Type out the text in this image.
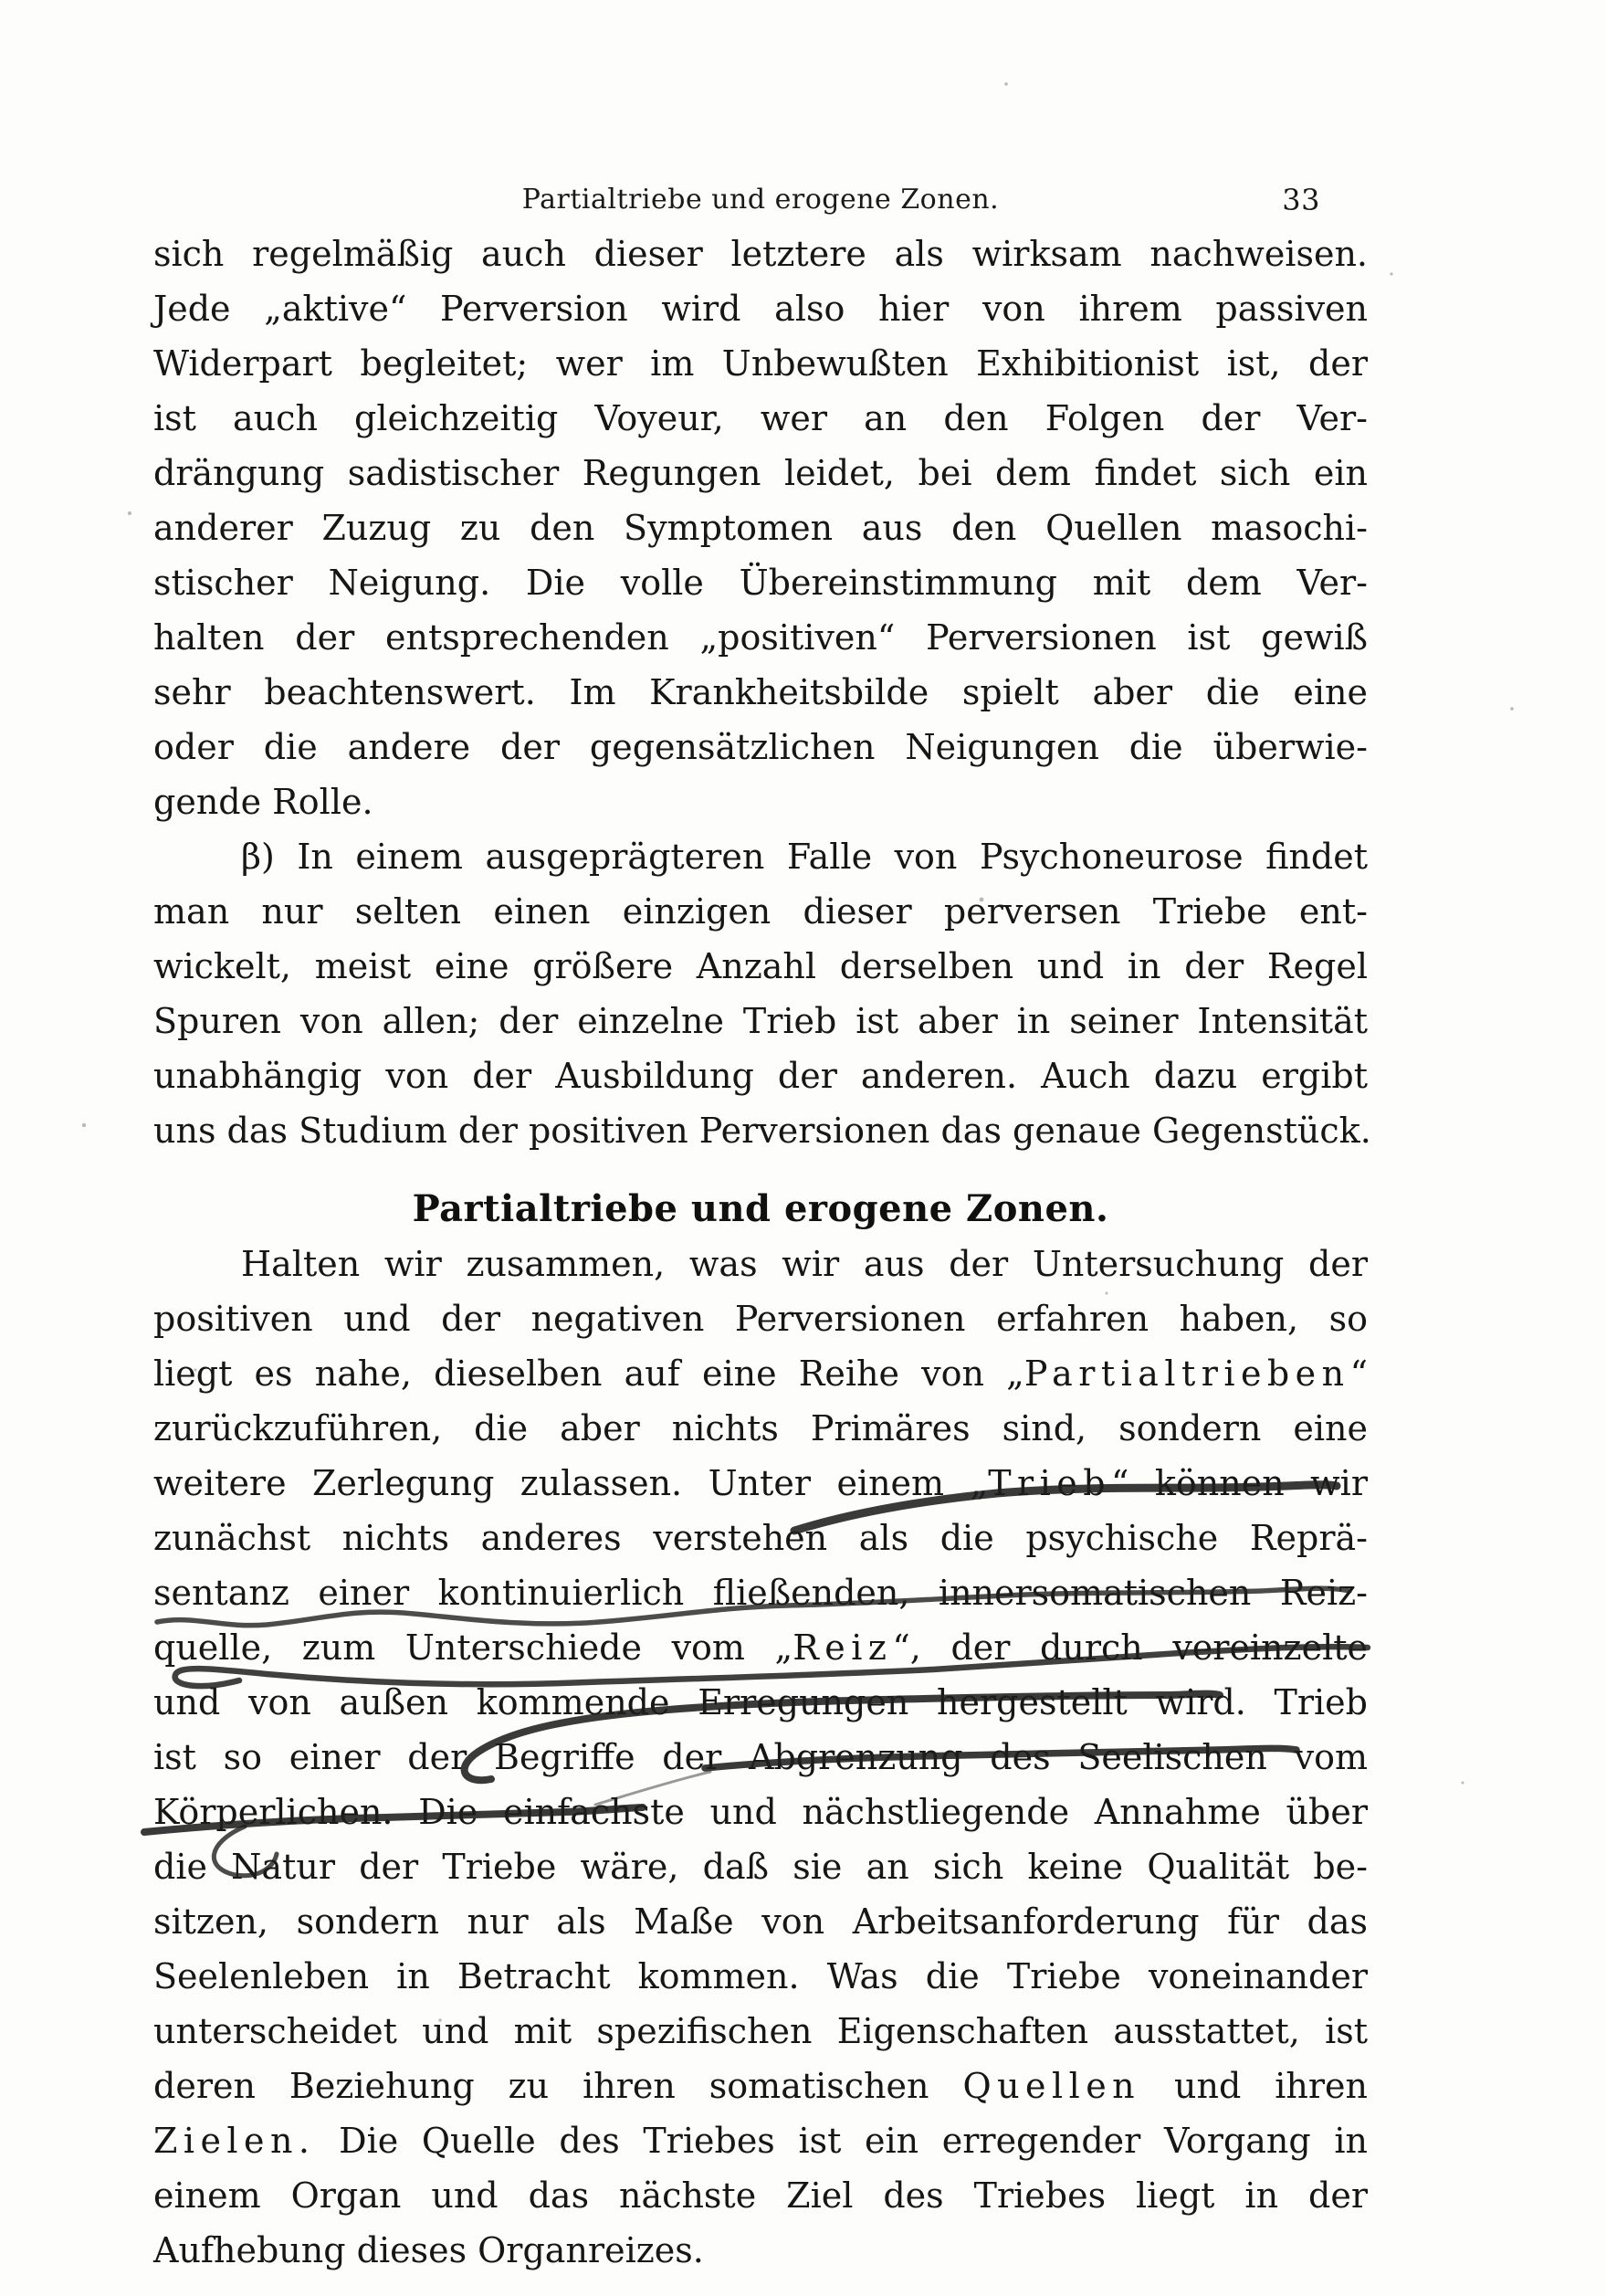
Partialtriebe und erogene Zonen.	33
sich regelmäßig auch dieser letztere als wirksam nachweisen.
Jede „aktive“ Perversion wird also hier von ihrem passiven
Widerpart begleitet; wer im Unbewußten Exhibitionist ist, der
ist auch gleichzeitig Voyeur, wer an den Folgen der Ver-
drängung sadistischer Regungen leidet, bei dem findet sich ein
anderer Zuzug zu den Symptomen aus den Quellen masochi-
stischer Neigung. Die volle Übereinstimmung mit dem Ver-
halten der entsprechenden „positiven“ Perversionen ist gewiß
sehr beachtenswert. Im Krankheitsbilde spielt aber die eine
oder die andere der gegensätzlichen Neigungen die überwie-
gende Rolle.
β) In einem ausgeprägteren Falle von Psychoneurose findet
man nur selten einen einzigen dieser perversen Triebe ent-
wickelt, meist eine größere Anzahl derselben und in der Regel
Spuren von allen; der einzelne Trieb ist aber in seiner Intensität
unabhängig von der Ausbildung der anderen. Auch dazu ergibt
uns das Studium der positiven Perversionen das genaue Gegenstück.
Partialtriebe und erogene Zonen.
Halten wir zusammen, was wir aus der Untersuchung der
positiven und der negativen Perversionen erfahren haben, so
liegt es nahe, dieselben auf eine Reihe von „Partialtrieben“
zurückzuführen, die aber nichts Primäres sind, sondern eine
weitere Zerlegung zulassen. Unter einem „Trieb“ können wir
zunächst nichts anderes verstehen als die psychische Reprä-
sentanz einer kontinuierlich fließenden, innersomatischen Reiz-
quelle, zum Unterschiede vom „Reiz“, der durch vereinzelte
und von außen kommende Erregungen hergestellt wird. Trieb
ist so einer der Begriffe der Abgrenzung des Seelischen vom
Körperlichen. Die einfachste und nächstliegende Annahme über
die Natur der Triebe wäre, daß sie an sich keine Qualität be-
sitzen, sondern nur als Maße von Arbeitsanforderung für das
Seelenleben in Betracht kommen. Was die Triebe voneinander
unterscheidet und mit spezifischen Eigenschaften ausstattet, ist
deren Beziehung zu ihren somatischen Quellen und ihren
Zielen. Die Quelle des Triebes ist ein erregender Vorgang in
einem Organ und das nächste Ziel des Triebes liegt in der
Aufhebung dieses Organreizes.
